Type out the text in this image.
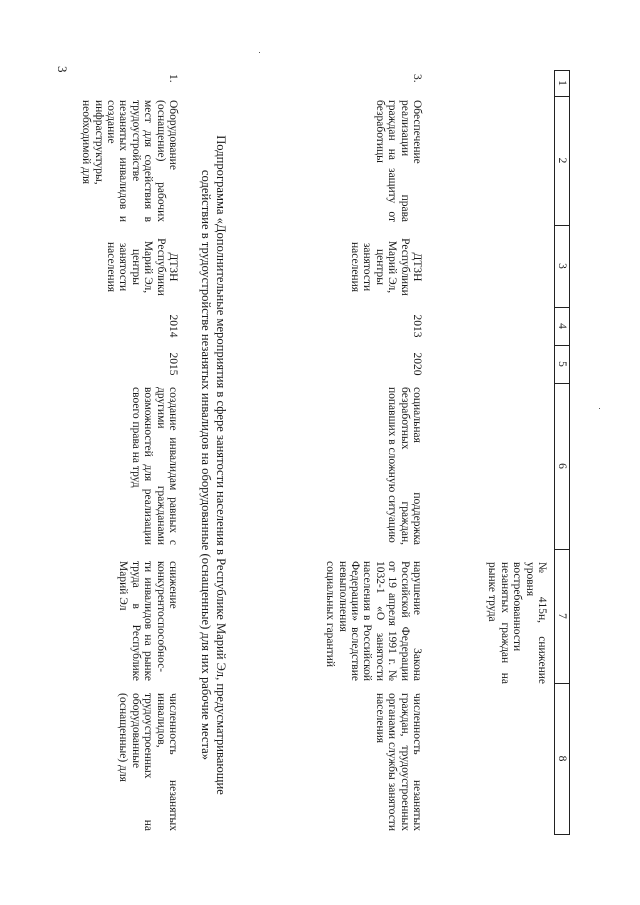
3
1
2
3
4
5
6
7
8
№ 415н, снижение уровня востребованности незанятых граждан на рынке труда
3.
Обеспечение реализации права граждан на защиту от безработицы
ДТЗН Республики Марий Эл, центры занятости населения
2013
2020
социальная поддержка безработных граждан, попавших в сложную ситуацию
нарушение Закона Российской Федерации от 19 апреля 1991 г. № 1032-1 «О занятости населения в Российской Федерации» вследствие невыполнения социальных гарантий
численность незанятых граждан, трудоустроенных органами службы занятости населения
Подпрограмма «Дополнительные мероприятия в сфере занятости населения в Республике Марий Эл, предусматривающие содействие в трудоустройстве незанятых инвалидов на оборудованные (оснащенные) для них рабочие места»
1.
Оборудование (оснащение) рабочих мест для содействия в трудоустройстве незанятых инвалидов и создание инфраструктуры, необходимой для
ДТЗН Республики Марий Эл, центры занятости населения
2014
2015
создание инвалидам равных с другими гражданами возможностей для реализации своего права на труд
снижение конкурентоспособнос-ти инвалидов на рынке труда в Республике Марий Эл
численность незанятых инвалидов, трудоустроенных на оборудованные (оснащенные) для
